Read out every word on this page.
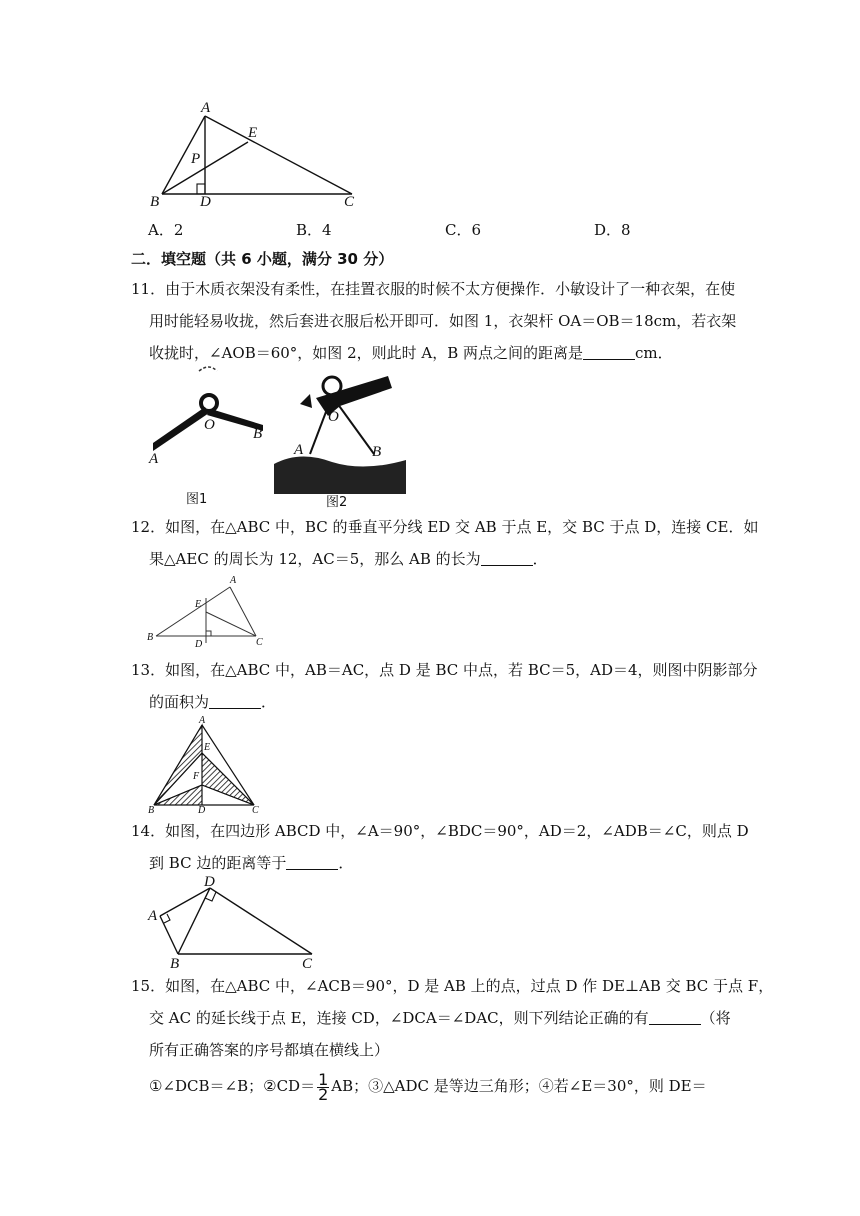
A
E
P
B	D	C
A．2	B．4	C．6	D．8
二．填空题（共 6 小题，满分 30 分）
11．由于木质衣架没有柔性，在挂置衣服的时候不太方便操作．小敏设计了一种衣架，在使
用时能轻易收拢，然后套进衣服后松开即可．如图 1，衣架杆 OA＝OB＝18cm，若衣架
收拢时，∠AOB＝60°，如图 2，则此时 A，B 两点之间的距离是	cm．
O
B
A
图1
O
A	B
图2
12．如图，在△ABC 中，BC 的垂直平分线 ED 交 AB 于点 E，交 BC 于点 D，连接 CE．如
果△AEC 的周长为 12，AC＝5，那么 AB 的长为	．
A
E
B
D	C
13．如图，在△ABC 中，AB＝AC，点 D 是 BC 中点，若 BC＝5，AD＝4，则图中阴影部分
的面积为	．
A
E
F
B	D	C
14．如图，在四边形 ABCD 中，∠A＝90°，∠BDC＝90°，AD＝2，∠ADB＝∠C，则点 D
到 BC 边的距离等于	．
D
A
B	C
15．如图，在△ABC 中，∠ACB＝90°，D 是 AB 上的点，过点 D 作 DE⊥AB 交 BC 于点 F，
交 AC 的延长线于点 E，连接 CD，∠DCA＝∠DAC，则下列结论正确的有	（将
所有正确答案的序号都填在横线上）
①∠DCB＝∠B；②CD＝ $\frac{1}{2}$ AB；③△ADC 是等边三角形；④若∠E＝30°，则 DE＝
